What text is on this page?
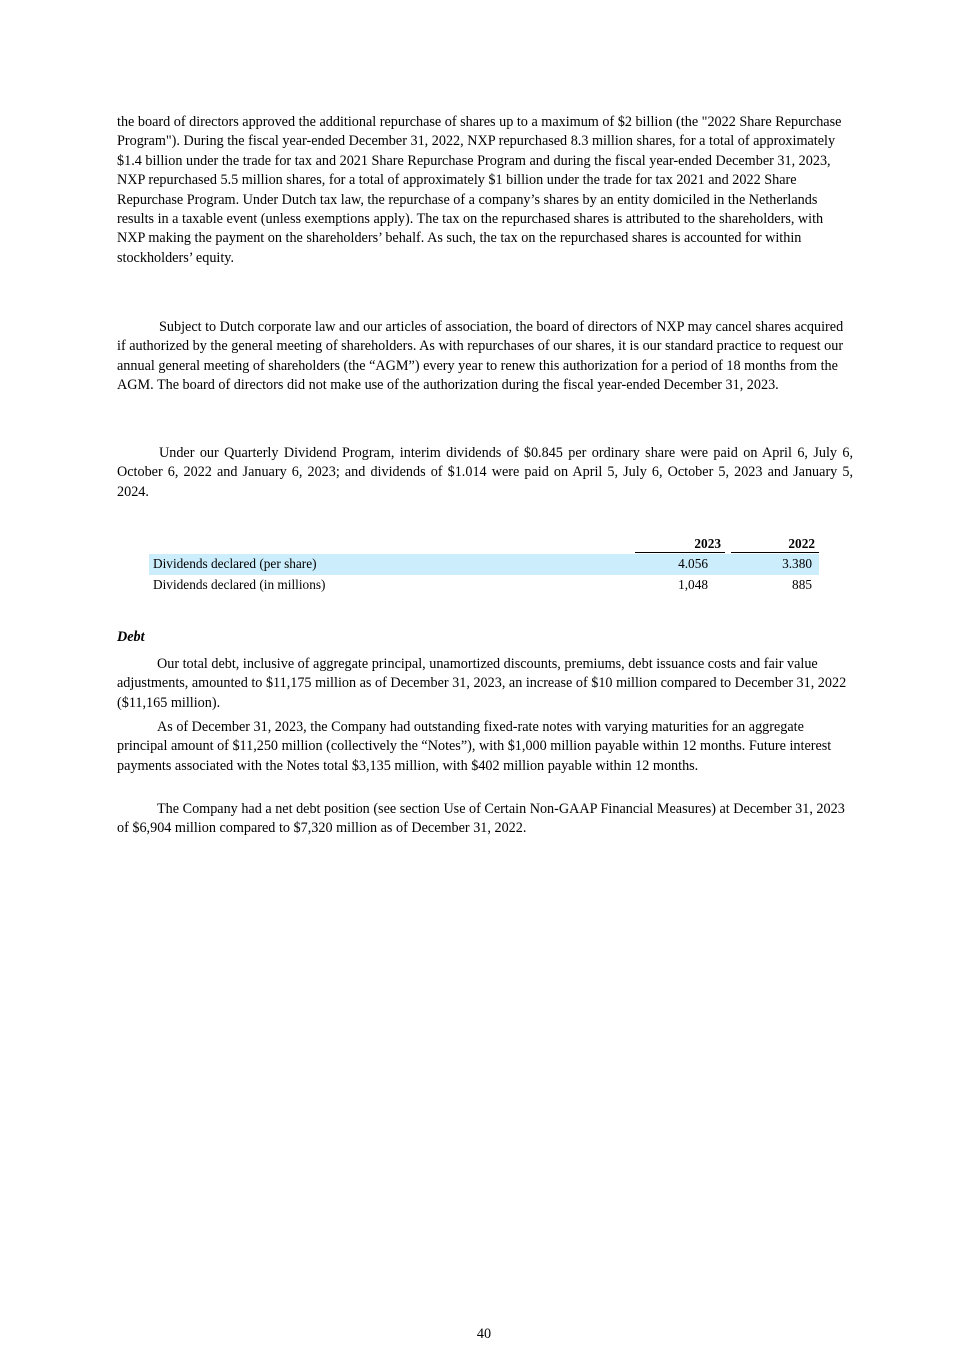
the board of directors approved the additional repurchase of shares up to a maximum of $2 billion (the "2022 Share Repurchase Program"). During the fiscal year-ended December 31, 2022, NXP repurchased 8.3 million shares, for a total of approximately $1.4 billion under the trade for tax and 2021 Share Repurchase Program and during the fiscal year-ended December 31, 2023, NXP repurchased 5.5 million shares, for a total of approximately $1 billion under the trade for tax 2021 and 2022 Share Repurchase Program. Under Dutch tax law, the repurchase of a company’s shares by an entity domiciled in the Netherlands results in a taxable event (unless exemptions apply). The tax on the repurchased shares is attributed to the shareholders, with NXP making the payment on the shareholders’ behalf. As such, the tax on the repurchased shares is accounted for within stockholders’ equity.

Subject to Dutch corporate law and our articles of association, the board of directors of NXP may cancel shares acquired if authorized by the general meeting of shareholders. As with repurchases of our shares, it is our standard practice to request our annual general meeting of shareholders (the “AGM”) every year to renew this authorization for a period of 18 months from the AGM. The board of directors did not make use of the authorization during the fiscal year-ended December 31, 2023.

Under our Quarterly Dividend Program, interim dividends of $0.845 per ordinary share were paid on April 6, July 6, October 6, 2022 and January 6, 2023; and dividends of $1.014 were paid on April 5, July 6, October 5, 2023 and January 5, 2024.

2023	2022
Dividends declared (per share)	4.056	3.380
Dividends declared (in millions)	1,048	885

Debt

Our total debt, inclusive of aggregate principal, unamortized discounts, premiums, debt issuance costs and fair value adjustments, amounted to $11,175 million as of December 31, 2023, an increase of $10 million compared to December 31, 2022 ($11,165 million).

As of December 31, 2023, the Company had outstanding fixed-rate notes with varying maturities for an aggregate principal amount of $11,250 million (collectively the “Notes”), with $1,000 million payable within 12 months. Future interest payments associated with the Notes total $3,135 million, with $402 million payable within 12 months.

The Company had a net debt position (see section Use of Certain Non-GAAP Financial Measures) at December 31, 2023 of $6,904 million compared to $7,320 million as of December 31, 2022.

40
